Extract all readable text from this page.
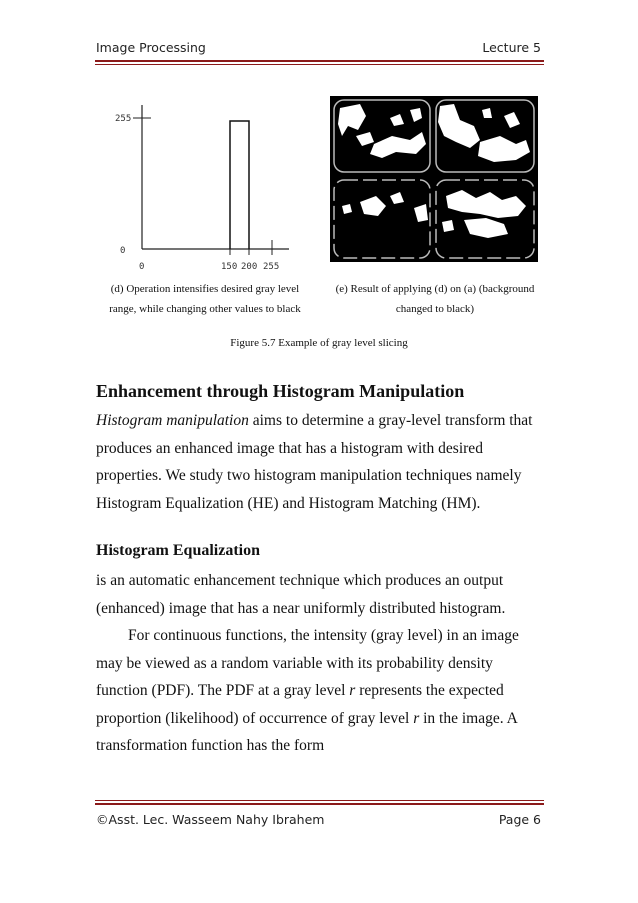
Image Processing	Lecture 5
255
0
0	150 200 255
(d) Operation intensifies desired gray level range, while changing other values to black
(e) Result of applying (d) on (a) (background changed to black)
Figure 5.7 Example of gray level slicing
Enhancement through Histogram Manipulation
Histogram manipulation aims to determine a gray-level transform that produces an enhanced image that has a histogram with desired properties. We study two histogram manipulation techniques namely Histogram Equalization (HE) and Histogram Matching (HM).
Histogram Equalization
is an automatic enhancement technique which produces an output (enhanced) image that has a near uniformly distributed histogram.
For continuous functions, the intensity (gray level) in an image may be viewed as a random variable with its probability density function (PDF). The PDF at a gray level r represents the expected proportion (likelihood) of occurrence of gray level r in the image. A transformation function has the form
©Asst. Lec. Wasseem Nahy Ibrahem	Page 6
